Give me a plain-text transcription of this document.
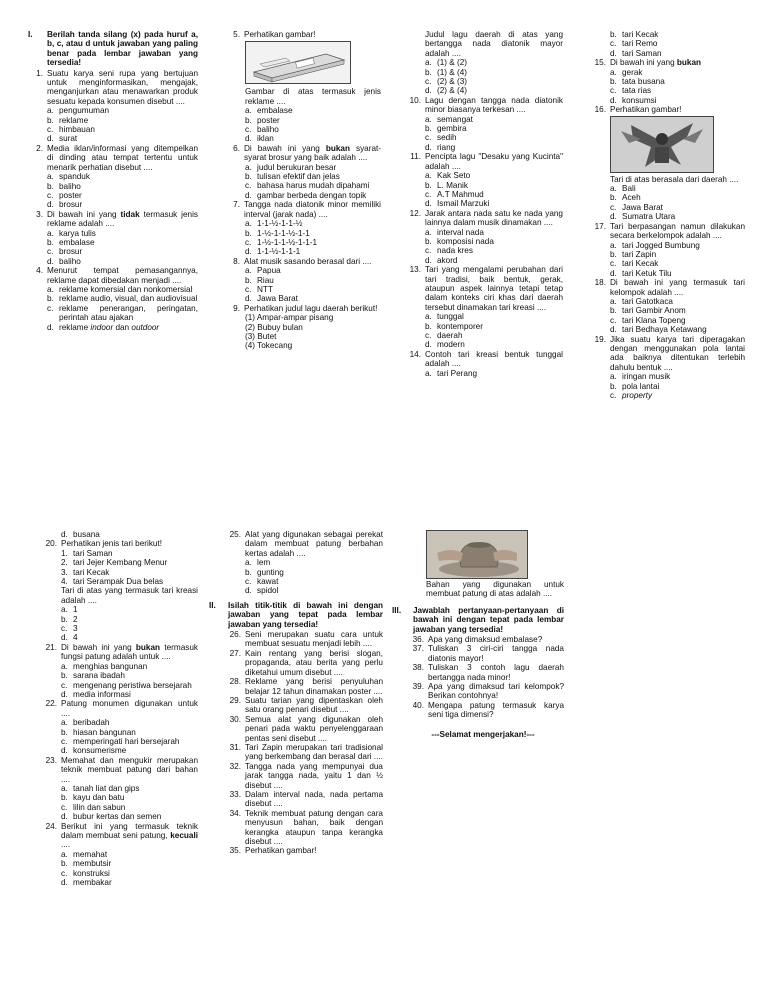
I.	Berilah tanda silang (x) pada huruf a, b, c, atau d untuk jawaban yang paling benar pada lembar jawaban yang tersedia!
1. Suatu karya seni rupa yang bertujuan untuk menginformasikan, mengajak, menganjurkan atau menawarkan produk sesuatu kepada konsumen disebut ....
a. pengumuman
b. reklame
c. himbauan
d. surat
2. Media iklan/informasi yang ditempelkan di dinding atau tempat tertentu untuk menarik perhatian disebut ....
a. spanduk
b. baliho
c. poster
d. brosur
3. Di bawah ini yang tidak termasuk jenis reklame adalah ....
a. karya tulis
b. embalase
c. brosur
d. baliho
4. Menurut tempat pemasangannya, reklame dapat dibedakan menjadi ....
a. reklame komersial dan nonkomersial
b. reklame audio, visual, dan audiovisual
c. reklame penerangan, peringatan, perintah atau ajakan
d. reklame indoor dan outdoor
5. Perhatikan gambar!
Gambar di atas termasuk jenis reklame ....
a. embalase
b. poster
c. baliho
d. iklan
6. Di bawah ini yang bukan syarat-syarat brosur yang baik adalah ....
a. judul berukuran besar
b. tulisan efektif dan jelas
c. bahasa harus mudah dipahami
d. gambar berbeda dengan topik
7. Tangga nada diatonik minor memiliki interval (jarak nada) ....
a. 1-1-½-1-1-½
b. 1-½-1-1-½-1-1
c. 1-½-1-1-½-1-1-1
d. 1-1-½-1-1-1
8. Alat musik sasando berasal dari ....
a. Papua
b. Riau
c. NTT
d. Jawa Barat
9. Perhatikan judul lagu daerah berikut!
(1) Ampar-ampar pisang
(2) Bubuy bulan
(3) Butet
(4) Tokecang
Judul lagu daerah di atas yang bertangga nada diatonik mayor adalah ....
a. (1) & (2)
b. (1) & (4)
c. (2) & (3)
d. (2) & (4)
10. Lagu dengan tangga nada diatonik minor biasanya terkesan ....
a. semangat
b. gembira
c. sedih
d. riang
11. Pencipta lagu "Desaku yang Kucinta" adalah ....
a. Kak Seto
b. L. Manik
c. A.T Mahmud
d. Ismail Marzuki
12. Jarak antara nada satu ke nada yang lainnya dalam musik dinamakan ....
a. interval nada
b. komposisi nada
c. nada kres
d. akord
13. Tari yang mengalami perubahan dari tari tradisi, baik bentuk, gerak, ataupun aspek lainnya tetapi tetap dalam konteks ciri khas dari daerah tersebut dinamakan tari kreasi ....
a. tunggal
b. kontemporer
c. daerah
d. modern
14. Contoh tari kreasi bentuk tunggal adalah ....
a. tari Perang
b. tari Kecak
c. tari Remo
d. tari Saman
15. Di bawah ini yang bukan
a. gerak
b. tata busana
c. tata rias
d. konsumsi
16. Perhatikan gambar!
Tari di atas berasala dari daerah ....
a. Bali
b. Aceh
c. Jawa Barat
d. Sumatra Utara
17. Tari berpasangan namun dilakukan secara berkelompok adalah ....
a. tari Jogged Bumbung
b. tari Zapin
c. tari Kecak
d. tari Ketuk Tilu
18. Di bawah ini yang termasuk tari kelompok adalah ....
a. tari Gatotkaca
b. tari Gambir Anom
c. tari Klana Topeng
d. tari Bedhaya Ketawang
19. Jika suatu karya tari diperagakan dengan menggunakan pola lantai ada baiknya ditentukan terlebih dahulu bentuk ....
a. iringan musik
b. pola lantai
c. property
d. busana
20. Perhatikan jenis tari berikut!
1. tari Saman
2. tari Jejer Kembang Menur
3. tari Kecak
4. tari Serampak Dua belas
Tari di atas yang termasuk tari kreasi adalah ....
a. 1
b. 2
c. 3
d. 4
21. Di bawah ini yang bukan termasuk fungsi patung adalah untuk ....
a. menghias bangunan
b. sarana ibadah
c. mengenang peristiwa bersejarah
d. media informasi
22. Patung monumen digunakan untuk ....
a. beribadah
b. hiasan bangunan
c. memperingati hari bersejarah
d. konsumerisme
23. Memahat dan mengukir merupakan teknik membuat patung dari bahan ....
a. tanah liat dan gips
b. kayu dan batu
c. lilin dan sabun
d. bubur kertas dan semen
24. Berikut ini yang termasuk teknik dalam membuat seni patung, kecuali ....
a. memahat
b. membutsir
c. konstruksi
d. membakar
25. Alat yang digunakan sebagai perekat dalam membuat patung berbahan kertas adalah ....
a. lem
b. gunting
c. kawat
d. spidol
II.	Isilah titik-titik di bawah ini dengan jawaban yang tepat pada lembar jawaban yang tersedia!
26. Seni merupakan suatu cara untuk membuat sesuatu menjadi lebih ....
27. Kain rentang yang berisi slogan, propaganda, atau berita yang perlu diketahui umum disebut ....
28. Reklame yang berisi penyuluhan belajar 12 tahun dinamakan poster ....
29. Suatu tarian yang dipentaskan oleh satu orang penari disebut ....
30. Semua alat yang digunakan oleh penari pada waktu penyelenggaraan pentas seni disebut ....
31. Tari Zapin merupakan tari tradisional yang berkembang dan berasal dari ....
32. Tangga nada yang mempunyai dua jarak tangga nada, yaitu 1 dan ½ disebut ....
33. Dalam interval nada, nada pertama disebut ....
34. Teknik membuat patung dengan cara menyusun bahan, baik dengan kerangka ataupun tanpa kerangka disebut ....
35. Perhatikan gambar!
Bahan yang digunakan untuk membuat patung di atas adalah ....
III.	Jawablah pertanyaan-pertanyaan di bawah ini dengan tepat pada lembar jawaban yang tersedia!
36. Apa yang dimaksud embalase?
37. Tuliskan 3 ciri-ciri tangga nada diatonis mayor!
38. Tuliskan 3 contoh lagu daerah bertangga nada minor!
39. Apa yang dimaksud tari kelompok? Berikan contohnya!
40. Mengapa patung termasuk karya seni tiga dimensi?
---Selamat mengerjakan!---
